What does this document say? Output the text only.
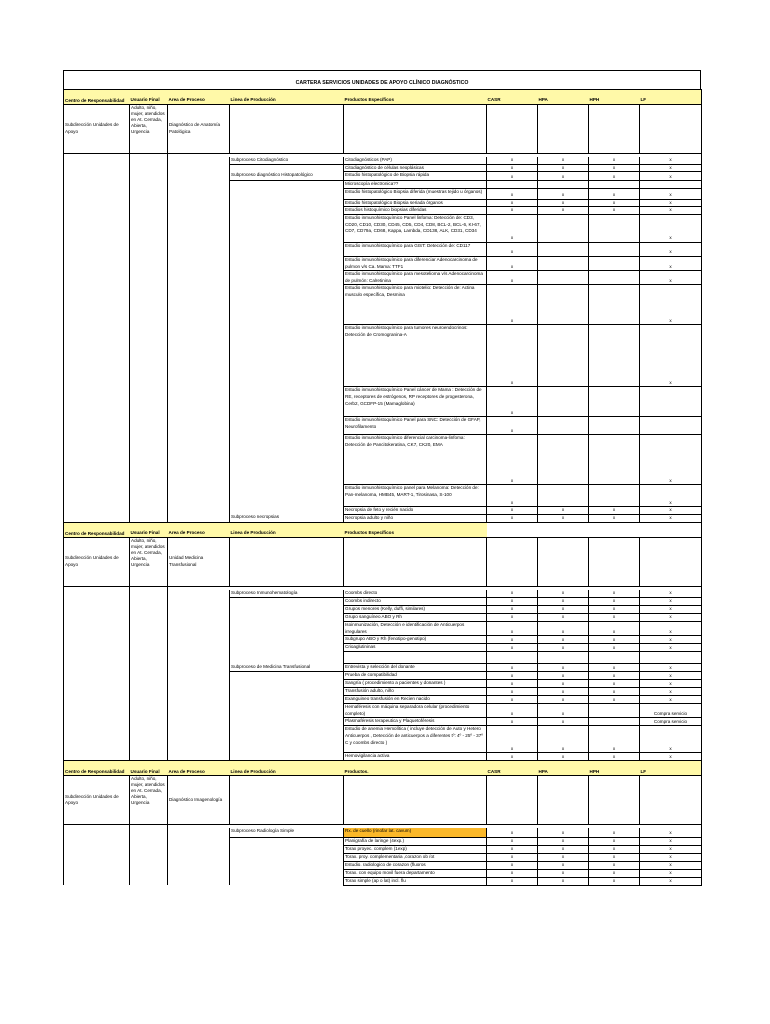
CARTERA SERVICIOS UNIDADES DE APOYO CLÍNICO DIAGNÓSTICO
Centro de Responsabilidad	Usuario Final	Area de Proceso	Linea de Producción	Productos Específicos	CASR	HPA	HPH	LF
Subdirección Unidades de Apoyo	Adulto, niño, mujer, atendidos en At. Cerrada, Abierta, Urgencia	Diagnóstico de Anatomía Patológica						

			Subproceso Citodiagnóstico	Citodiagnósticos (PAP)	x	x	x	x
				Citodiagnóstico de células neoplásicas	x	x	x	x
			Subproceso diagnóstico Histopatológico	Estudio histopatológico de Biopsia rápida	x	x	x	x
				Microscopía electronica??				
				Estudio histopatológico Biopsia diferida (muestras tejido u órganos)	x	x	x	x
				Estudio histopatológico Biopsia seriada órganos	x	x	x	x
				Estudios histoquímico biopsias diferidas	x	x	x	x
				Estudio inmunohistoquímico Panel linfoma: Detección de: CD3, CD20, CD10, CD30, CD45, CD5, CD4, CD8, BCL-2, BCL-6, KI-67, CD7, CD79a, CD68, Kappa, Lambda, CD138, ALK, CD31, CD34	x			x
				Estudio inmunohistoquímico para GIST: Detección de: CD117	x			x
				Estudio inmunohistoquímico para diferenciar Adenocarcinoma de pulmon v/s Ca. Mama: TTF1	x			x
				Estudio inmunohistoquímico para mesotelioma v/s Adenocarcinoma de pulmón: Calretinina	x			x
				Estudio inmunohistoquímico para miotelio: Detección de: Actina musculo específica, Desmina	x			x
				Estudio inmunohistoquímico para tumores neuroendocrinos: Detección de Cromogranina-A	x			x
				Estudio inmunohistoquímico Panel cáncer de Mama : Detección de RE, receptores de estrógenos, RP receptores de progesterona, Cerb2, GCDFP-15 (Mamaglobina)	x			
				Estudio inmunohistoquímico Panel para SNC: Detección de GFAP, Neurofilamento	x			
				Estudio inmunohistoquímico diferencial carcinoma-linfoma: Detección de Pancitokeratina, CK7, CK20, EMA	x			x
				Estudio inmunohistoquímico panel para Melanoma: Detección de: Pan-melanoma, HMB45, MART-1, Tirosinasa, S-100	x			x
				Necropsia de feto y recién nacido	x	x	x	x
			Subproceso necropsias	Necropsia adulto y niño	x	x	x	x
Centro de Responsabilidad	Usuario Final	Area de Proceso	Linea de Producción	Productos Específicos				
Subdirección Unidades de Apoyo	Adulto, niño, mujer, atendidos en At. Cerrada, Abierta, Urgencia	Unidad Medicina Transfusional						

			Subproceso Inmunohematología	Coombs directo	x	x	x	x
				Coombs indirecto	x	x	x	x
				Grupos menores (Kelly, duffi, similares)	x	x	x	x
				Grupo sanguíneo ABO y Rh	x	x	x	x
				Isoinmunización, Detección e identificación de Anticuerpos irregulares	x	x	x	x
				Subgrupo ABO y Rh (fenotipo-genotipo)	x	x	x	x
				Crioaglutininas	x	x	x	x

			Subproceso de Medicina Transfusional	Entrevista y selección del donante	x	x	x	x
				Prueba de compatibilidad	x	x	x	x
				Sangría ( procedimiento a pacientes y donantes )	x	x	x	x
				Transfusión adulto, niño	x	x	x	x
				Exanguineo transfusión en Recien nacido	x	x	x	x
				Hemaféresis con máquina separadora celular (procedimiento completo)	x	x		Compra servicio
				Plasmaféresis terapeutica y Plaquetoféresis	x	x		Compra servicio
				Estudio de anemia Hemolítica ( incluye detección de Auto y Hetero Anticuerpos , Detección de anticuerpos a diferentes tº: 4º - 25º - 37º C y coombs directo )	x	x	x	x
				Hemovigilancia activa	x	x	x	x
Centro de Responsabilidad	Usuario Final	Area de Proceso	Linea de Producción	Productos.	CASR	HPA	HPH	LF
Subdirección Unidades de Apoyo	Adulto, niño, mujer, atendidos en At. Cerrada, Abierta, Urgencia	Diagnóstico Imagenología						

			Subproceso Radiología Simple	Rx. de cuello (rinofar lat. cavum)	x	x	x	x
				Planigrafía de laringe (4exp.)	x	x	x	x
				Torax proyec. complem (1exp)	x	x	x	x
				Torax. proy. complementaria ,corazon ob /ot	x	x	x	x
				Estudio. radiologico de corazon (fluoros	x	x	x	x
				Torax. con equipo movil fuera departamento	x	x	x	x
				Torax simple (ap o lat) incl. flu	x	x	x	x
